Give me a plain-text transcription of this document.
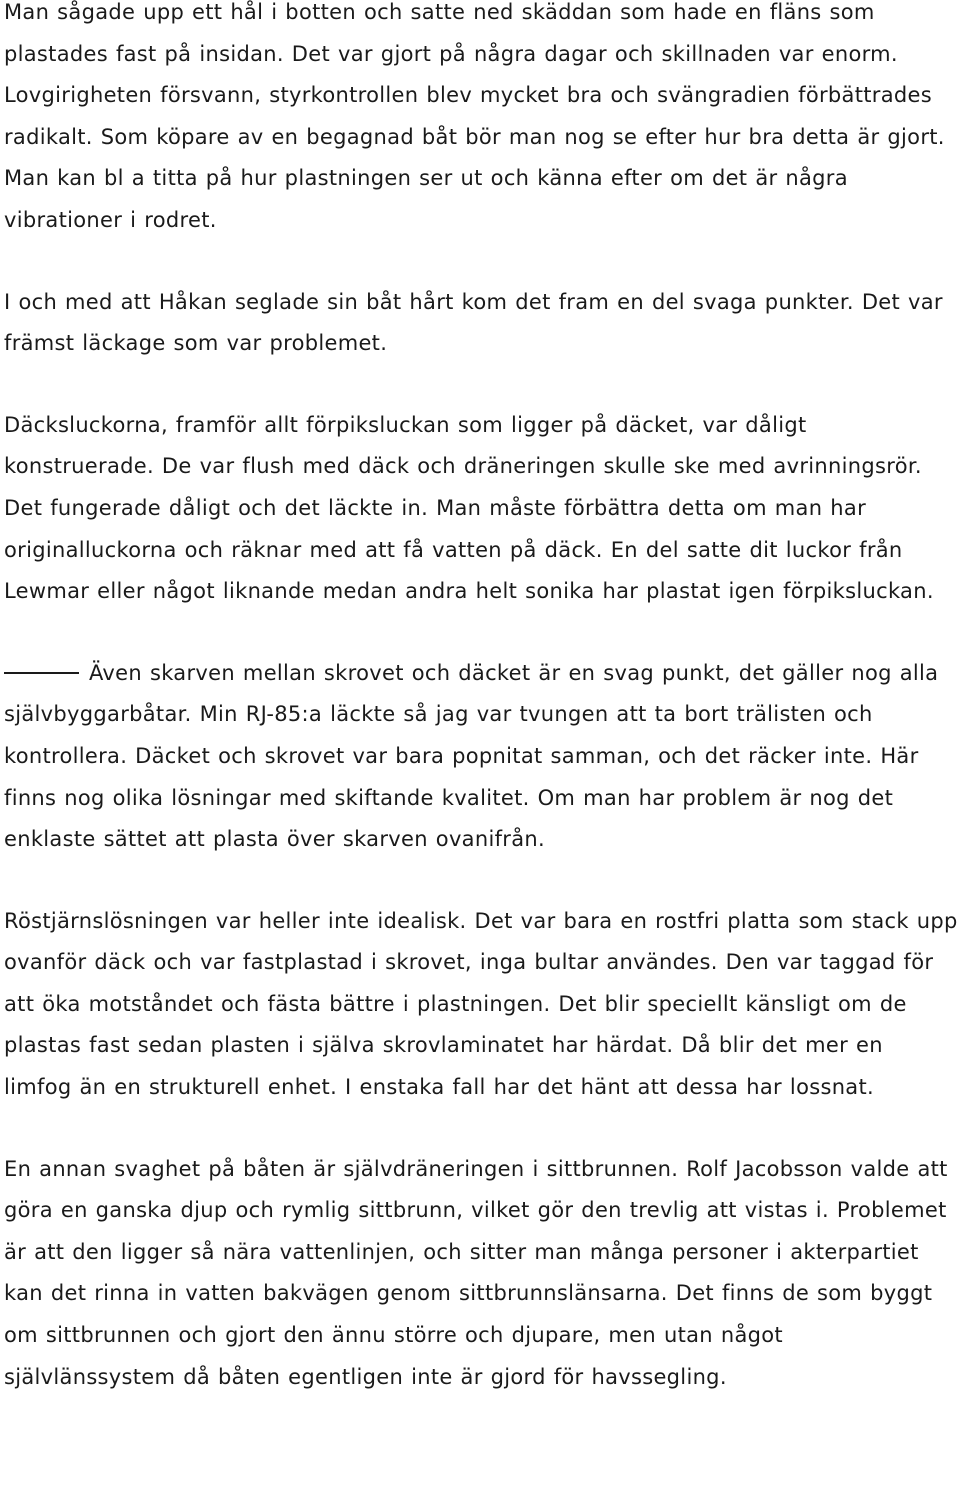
Man sågade upp ett hål i botten och satte ned skäddan som hade en fläns som plastades fast på insidan. Det var gjort på några dagar och skillnaden var enorm. Lovgirigheten försvann, styrkontrollen blev mycket bra och svängradien förbättrades radikalt. Som köpare av en begagnad båt bör man nog se efter hur bra detta är gjort. Man kan bl a titta på hur plastningen ser ut och känna efter om det är några vibrationer i rodret.

I och med att Håkan seglade sin båt hårt kom det fram en del svaga punkter. Det var främst läckage som var problemet.

Däcksluckorna, framför allt förpiksluckan som ligger på däcket, var dåligt konstruerade. De var flush med däck och dräneringen skulle ske med avrinningsrör. Det fungerade dåligt och det läckte in. Man måste förbättra detta om man har originalluckorna och räknar med att få vatten på däck. En del satte dit luckor från Lewmar eller något liknande medan andra helt sonika har plastat igen förpiksluckan.

Även skarven mellan skrovet och däcket är en svag punkt, det gäller nog alla självbyggarbåtar. Min RJ-85:a läckte så jag var tvungen att ta bort trälisten och kontrollera. Däcket och skrovet var bara popnitat samman, och det räcker inte. Här finns nog olika lösningar med skiftande kvalitet. Om man har problem är nog det enklaste sättet att plasta över skarven ovanifrån.

Röstjärnslösningen var heller inte idealisk. Det var bara en rostfri platta som stack upp ovanför däck och var fastplastad i skrovet, inga bultar användes. Den var taggad för att öka motståndet och fästa bättre i plastningen. Det blir speciellt känsligt om de plastas fast sedan plasten i själva skrovlaminatet har härdat. Då blir det mer en limfog än en strukturell enhet. I enstaka fall har det hänt att dessa har lossnat.

En annan svaghet på båten är självdräneringen i sittbrunnen. Rolf Jacobsson valde att göra en ganska djup och rymlig sittbrunn, vilket gör den trevlig att vistas i. Problemet är att den ligger så nära vattenlinjen, och sitter man många personer i akterpartiet kan det rinna in vatten bakvägen genom sittbrunnslänsarna. Det finns de som byggt om sittbrunnen och gjort den ännu större och djupare, men utan något självlänssystem då båten egentligen inte är gjord för havssegling.
